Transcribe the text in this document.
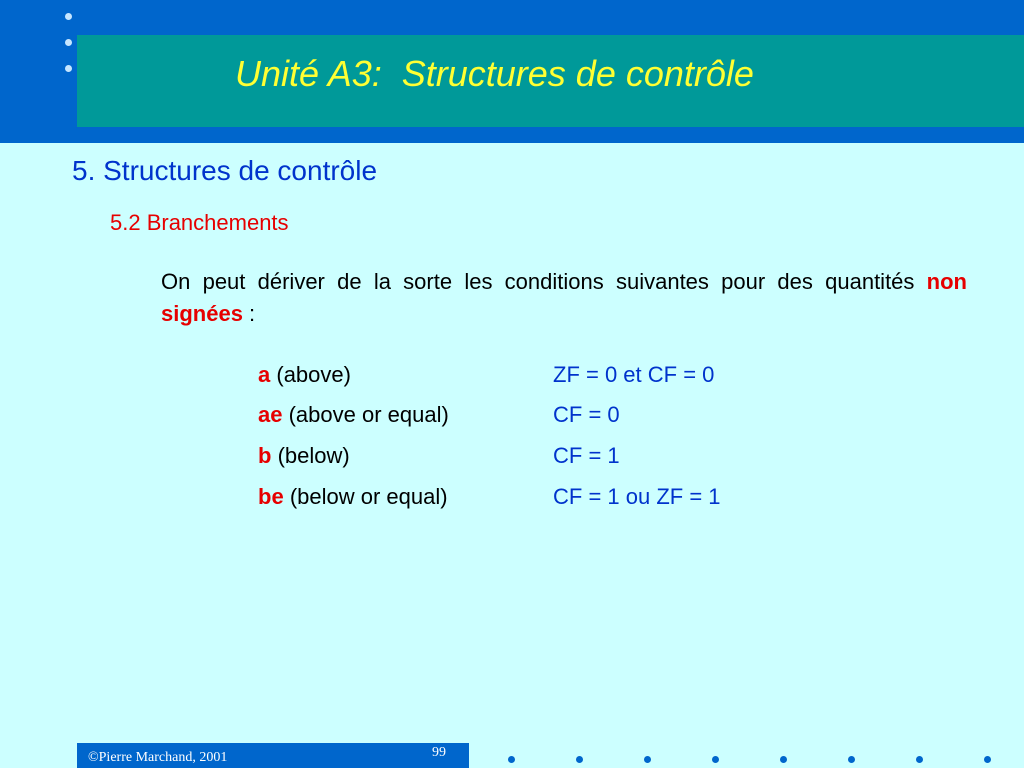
Unité A3:  Structures de contrôle
5. Structures de contrôle
5.2 Branchements

On peut dériver de la sorte les conditions suivantes pour des quantités non signées :

a (above)	ZF = 0 et CF = 0
ae (above or equal)	CF = 0
b (below)	CF = 1
be (below or equal)	CF = 1 ou ZF = 1

©Pierre Marchand, 2001	99
